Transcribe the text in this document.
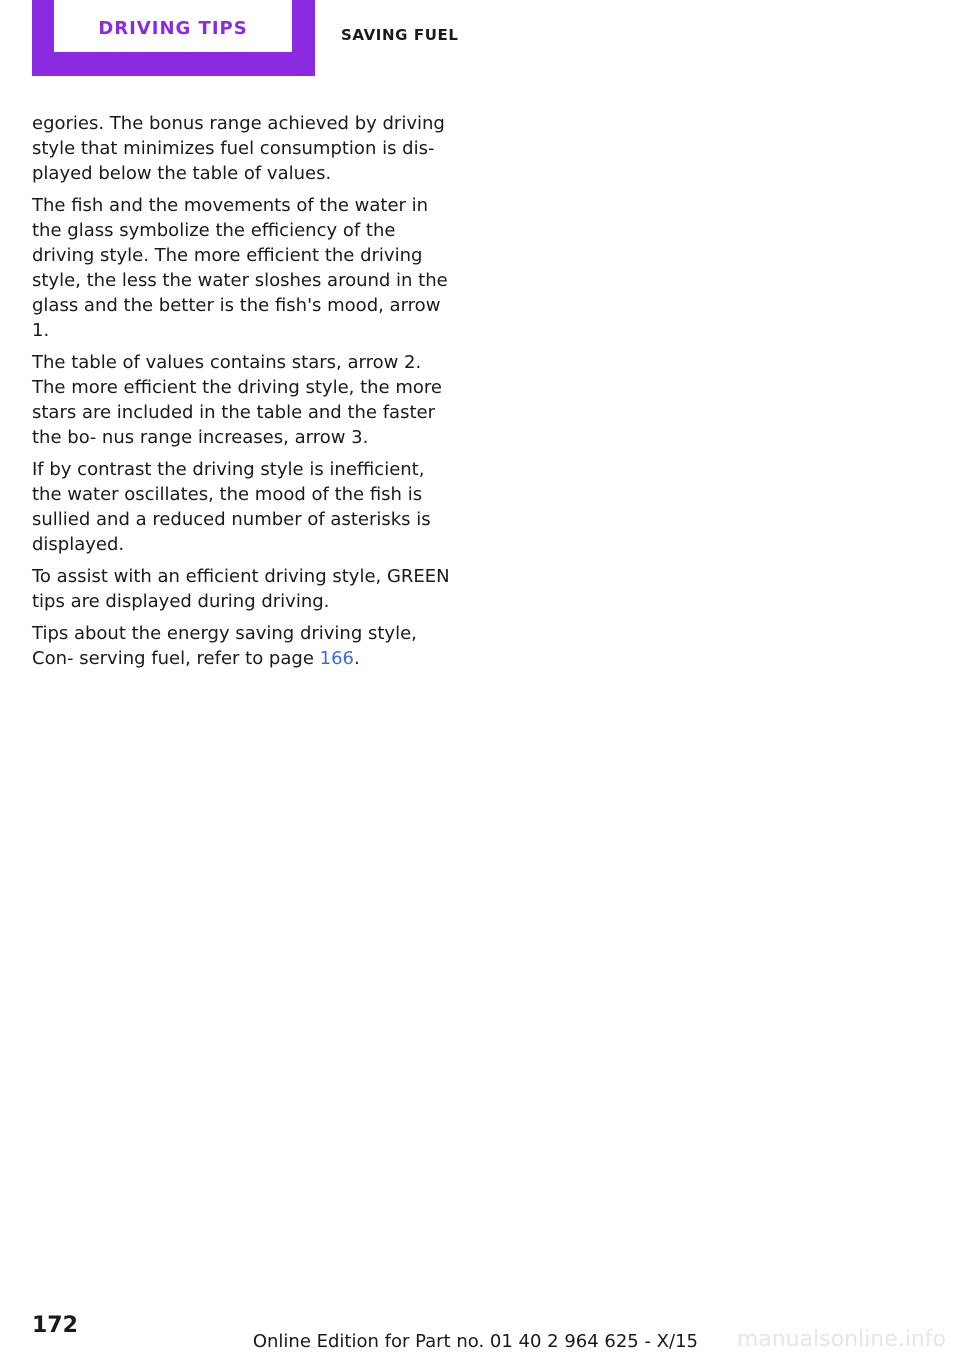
DRIVING TIPS	SAVING FUEL

egories. The bonus range achieved by driving style that minimizes fuel consumption is dis‐ played below the table of values.

The fish and the movements of the water in the glass symbolize the efficiency of the driving style. The more efficient the driving style, the less the water sloshes around in the glass and the better is the fish's mood, arrow 1.

The table of values contains stars, arrow 2. The more efficient the driving style, the more stars are included in the table and the faster the bo‐ nus range increases, arrow 3.

If by contrast the driving style is inefficient, the water oscillates, the mood of the fish is sullied and a reduced number of asterisks is displayed.

To assist with an efficient driving style, GREEN tips are displayed during driving.

Tips about the energy saving driving style, Con‐ serving fuel, refer to page 166.

172
Online Edition for Part no. 01 40 2 964 625 - X/15 manualsonline.info
